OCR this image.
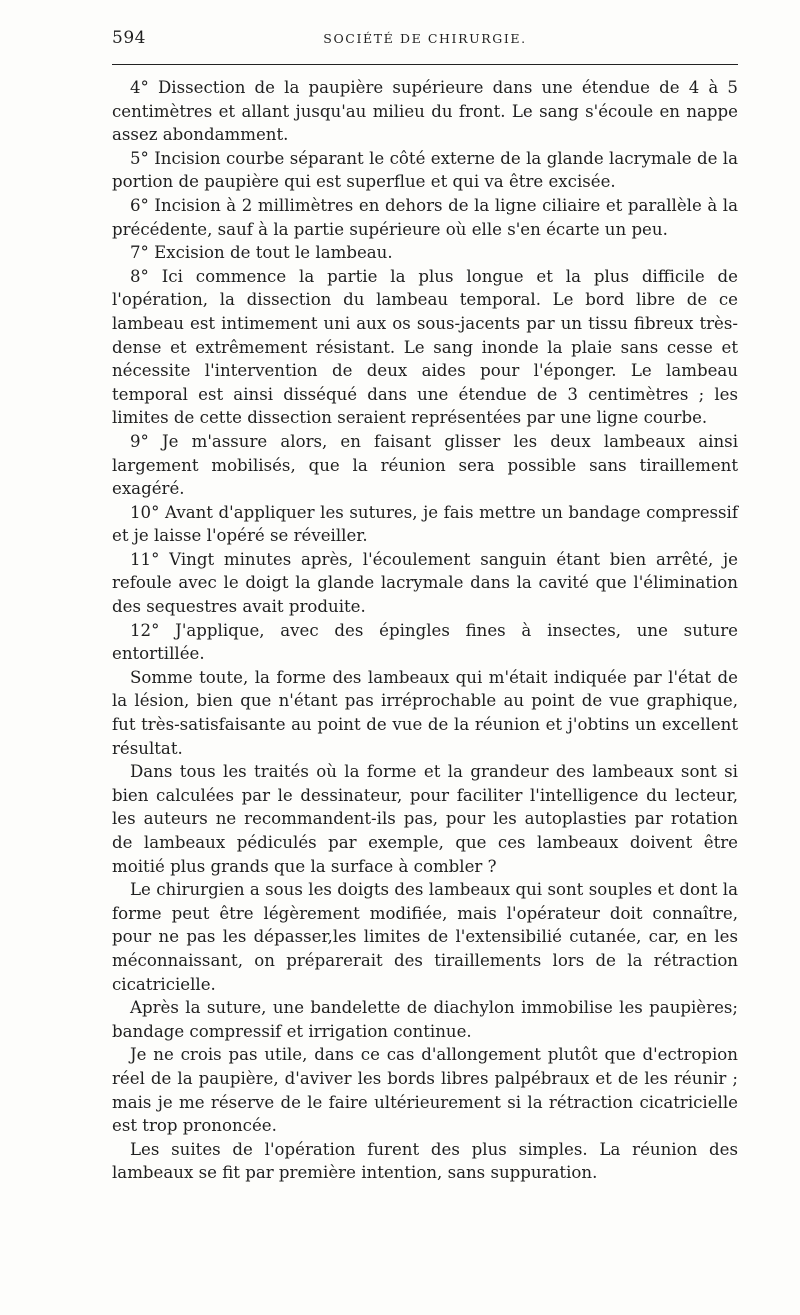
594	SOCIÉTÉ DE CHIRURGIE.

4° Dissection de la paupière supérieure dans une étendue de 4 à 5 centimètres et allant jusqu'au milieu du front. Le sang s'écoule en nappe assez abondamment.

5° Incision courbe séparant le côté externe de la glande lacrymale de la portion de paupière qui est superflue et qui va être excisée.

6° Incision à 2 millimètres en dehors de la ligne ciliaire et parallèle à la précédente, sauf à la partie supérieure où elle s'en écarte un peu.

7° Excision de tout le lambeau.

8° Ici commence la partie la plus longue et la plus difficile de l'opération, la dissection du lambeau temporal. Le bord libre de ce lambeau est intimement uni aux os sous-jacents par un tissu fibreux très-dense et extrêmement résistant. Le sang inonde la plaie sans cesse et nécessite l'intervention de deux aides pour l'éponger. Le lambeau temporal est ainsi disséqué dans une étendue de 3 centimètres ; les limites de cette dissection seraient représentées par une ligne courbe.

9° Je m'assure alors, en faisant glisser les deux lambeaux ainsi largement mobilisés, que la réunion sera possible sans tiraillement exagéré.

10° Avant d'appliquer les sutures, je fais mettre un bandage compressif et je laisse l'opéré se réveiller.

11° Vingt minutes après, l'écoulement sanguin étant bien arrêté, je refoule avec le doigt la glande lacrymale dans la cavité que l'élimination des sequestres avait produite.

12° J'applique, avec des épingles fines à insectes, une suture entortillée.

Somme toute, la forme des lambeaux qui m'était indiquée par l'état de la lésion, bien que n'étant pas irréprochable au point de vue graphique, fut très-satisfaisante au point de vue de la réunion et j'obtins un excellent résultat.

Dans tous les traités où la forme et la grandeur des lambeaux sont si bien calculées par le dessinateur, pour faciliter l'intelligence du lecteur, les auteurs ne recommandent-ils pas, pour les autoplasties par rotation de lambeaux pédiculés par exemple, que ces lambeaux doivent être moitié plus grands que la surface à combler ?

Le chirurgien a sous les doigts des lambeaux qui sont souples et dont la forme peut être légèrement modifiée, mais l'opérateur doit connaître, pour ne pas les dépasser,les limites de l'extensibilié cutanée, car, en les méconnaissant, on préparerait des tiraillements lors de la rétraction cicatricielle.

Après la suture, une bandelette de diachylon immobilise les paupières; bandage compressif et irrigation continue.

Je ne crois pas utile, dans ce cas d'allongement plutôt que d'ectropion réel de la paupière, d'aviver les bords libres palpébraux et de les réunir ; mais je me réserve de le faire ultérieurement si la rétraction cicatricielle est trop prononcée.

Les suites de l'opération furent des plus simples. La réunion des lambeaux se fit par première intention, sans suppuration.
